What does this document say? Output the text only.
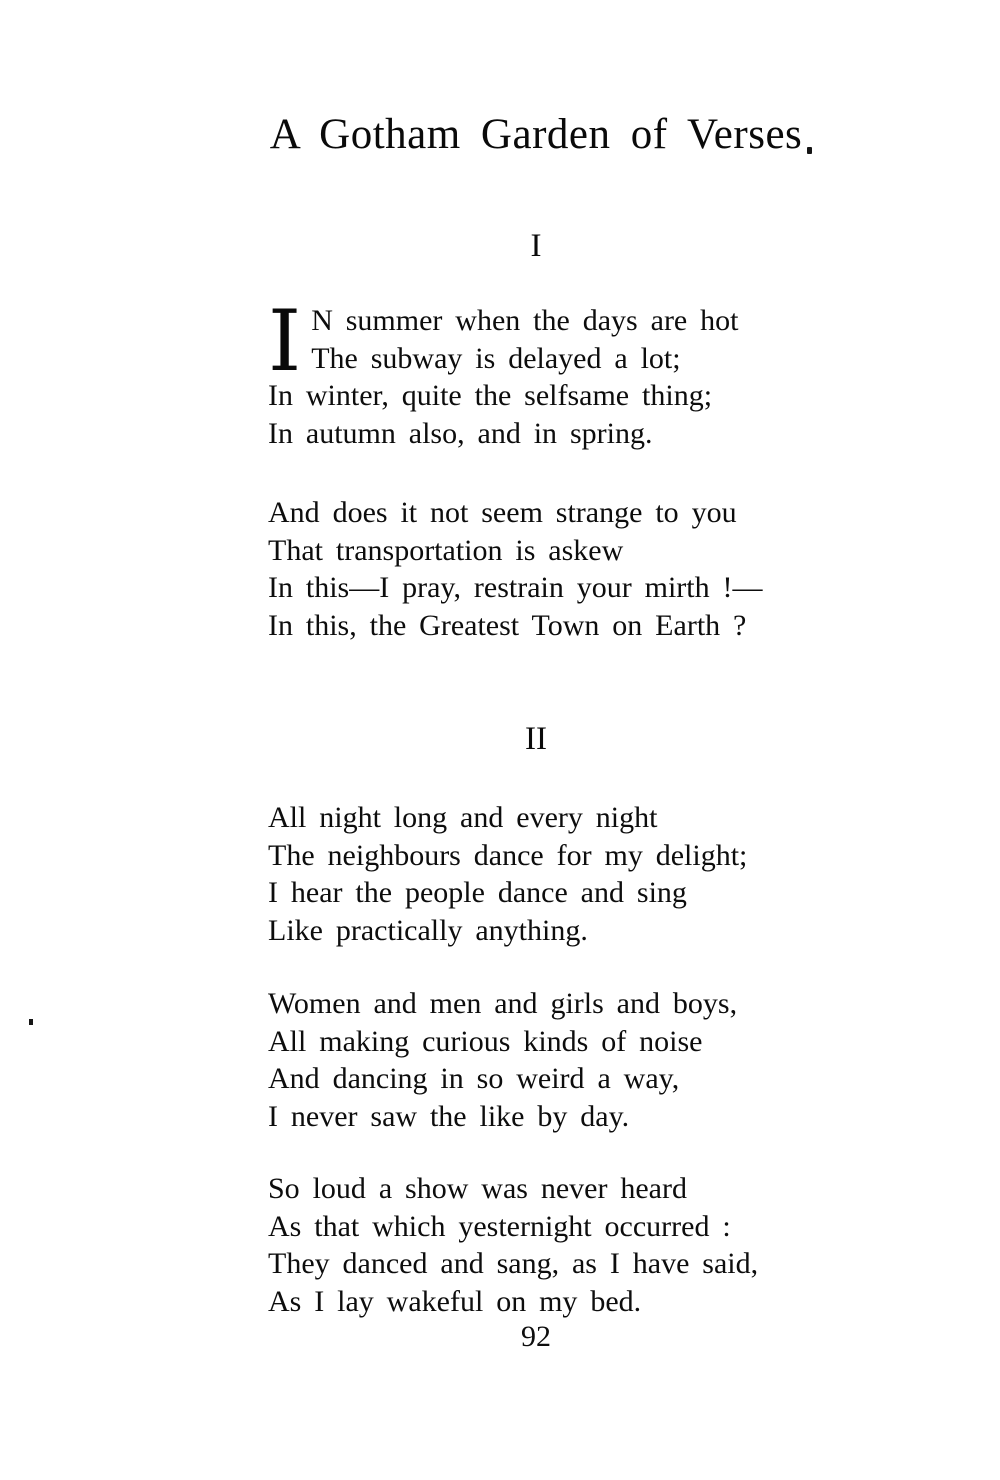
A Gotham Garden of Verses
I
I N summer when the days are hot
The subway is delayed a lot;
In winter, quite the selfsame thing;
In autumn also, and in spring.
And does it not seem strange to you
That transportation is askew
In this—I pray, restrain your mirth !—
In this, the Greatest Town on Earth ?
II
All night long and every night
The neighbours dance for my delight;
I hear the people dance and sing
Like practically anything.
Women and men and girls and boys,
All making curious kinds of noise
And dancing in so weird a way,
I never saw the like by day.
So loud a show was never heard
As that which yesternight occurred :
They danced and sang, as I have said,
As I lay wakeful on my bed.
92
